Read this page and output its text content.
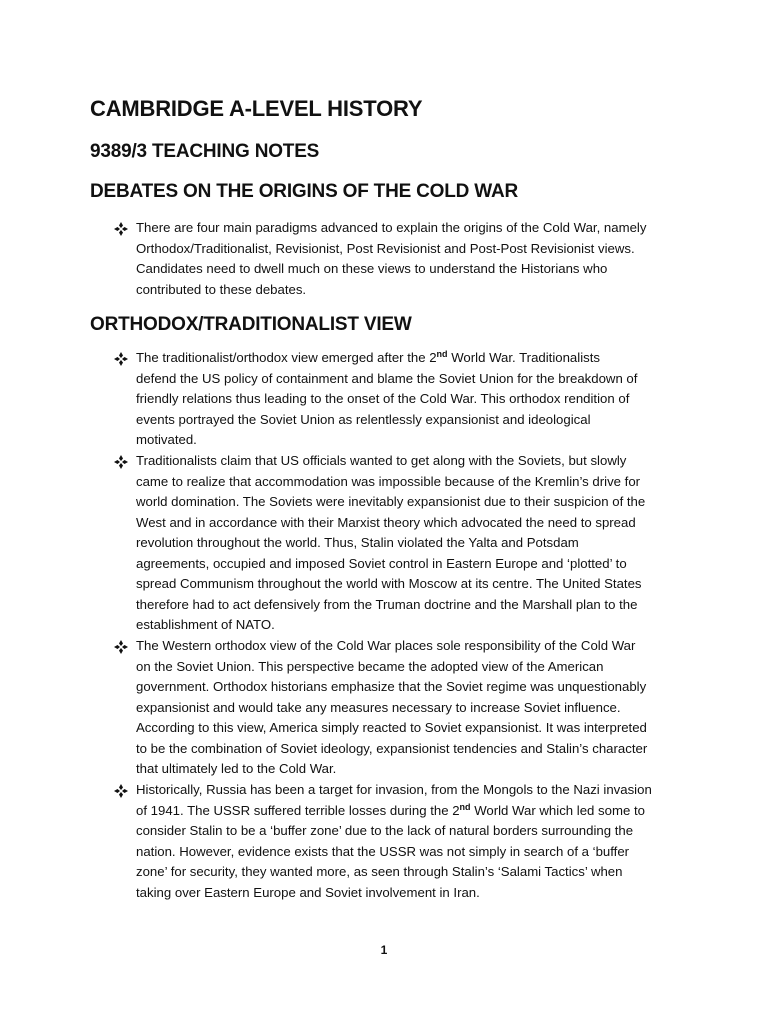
CAMBRIDGE A-LEVEL HISTORY
9389/3 TEACHING NOTES
DEBATES ON THE ORIGINS OF THE COLD WAR
There are four main paradigms advanced to explain the origins of the Cold War, namely
Orthodox/Traditionalist, Revisionist, Post Revisionist and Post-Post Revisionist views.
Candidates need to dwell much on these views to understand the Historians who
contributed to these debates.
ORTHODOX/TRADITIONALIST VIEW
The traditionalist/orthodox view emerged after the 2nd World War. Traditionalists
defend the US policy of containment and blame the Soviet Union for the breakdown of
friendly relations thus leading to the onset of the Cold War. This orthodox rendition of
events portrayed the Soviet Union as relentlessly expansionist and ideological
motivated.
Traditionalists claim that US officials wanted to get along with the Soviets, but slowly
came to realize that accommodation was impossible because of the Kremlin’s drive for
world domination. The Soviets were inevitably expansionist due to their suspicion of the
West and in accordance with their Marxist theory which advocated the need to spread
revolution throughout the world. Thus, Stalin violated the Yalta and Potsdam
agreements, occupied and imposed Soviet control in Eastern Europe and ‘plotted’ to
spread Communism throughout the world with Moscow at its centre. The United States
therefore had to act defensively from the Truman doctrine and the Marshall plan to the
establishment of NATO.
The Western orthodox view of the Cold War places sole responsibility of the Cold War
on the Soviet Union. This perspective became the adopted view of the American
government. Orthodox historians emphasize that the Soviet regime was unquestionably
expansionist and would take any measures necessary to increase Soviet influence.
According to this view, America simply reacted to Soviet expansionist. It was interpreted
to be the combination of Soviet ideology, expansionist tendencies and Stalin’s character
that ultimately led to the Cold War.
Historically, Russia has been a target for invasion, from the Mongols to the Nazi invasion
of 1941. The USSR suffered terrible losses during the 2nd World War which led some to
consider Stalin to be a ‘buffer zone’ due to the lack of natural borders surrounding the
nation. However, evidence exists that the USSR was not simply in search of a ‘buffer
zone’ for security, they wanted more, as seen through Stalin’s ‘Salami Tactics’ when
taking over Eastern Europe and Soviet involvement in Iran.
1
